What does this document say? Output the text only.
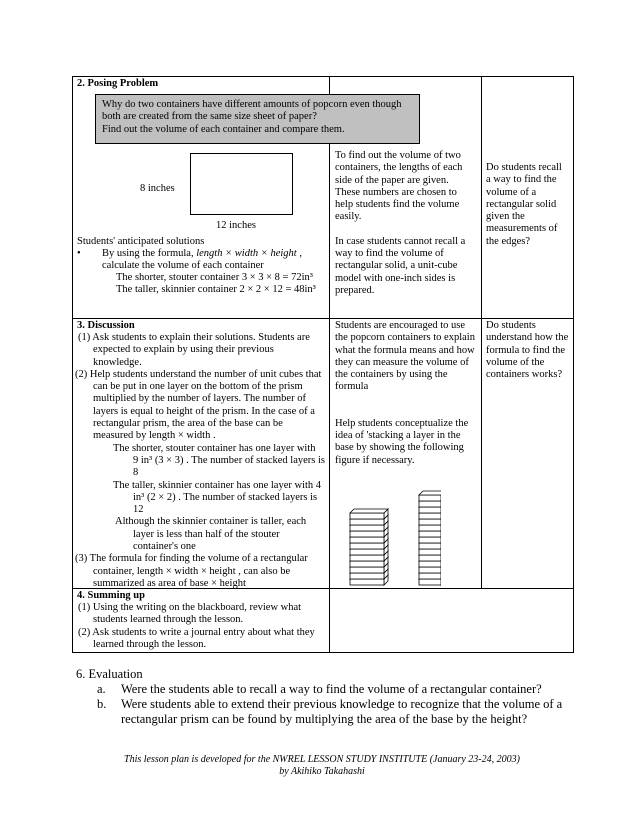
2. Posing Problem
Why do two containers have different amounts of popcorn even though
both are created from the same size sheet of paper?
Find out the volume of each container and compare them.
8 inches
12 inches
Students' anticipated solutions
• By using the formula, length × width × height ,
calculate the volume of each container
The shorter, stouter container 3 × 3 × 8 = 72in³
The taller, skinnier container 2 × 2 × 12 = 48in³
To find out the volume of two
containers, the lengths of each
side of the paper are given.
These numbers are chosen to
help students find the volume
easily.
In case students cannot recall a
way to find the volume of
rectangular solid, a unit-cube
model with one-inch sides is
prepared.
Do students recall
a way to find the
volume of a
rectangular solid
given the
measurements of
the edges?
3. Discussion
(1) Ask students to explain their solutions. Students are
expected to explain by using their previous
knowledge.
(2) Help students understand the number of unit cubes that
can be put in one layer on the bottom of the prism
multiplied by the number of layers. The number of
layers is equal to height of the prism. In the case of a
rectangular prism, the area of the base can be
measured by length × width .
The shorter, stouter container has one layer with
9 in³ (3 × 3) . The number of stacked layers is
8
The taller, skinnier container has one layer with 4
in³ (2 × 2) . The number of stacked layers is
12
Although the skinnier container is taller, each
layer is less than half of the stouter
container's one
(3) The formula for finding the volume of a rectangular
container, length × width × height , can also be
summarized as area of base × height
Students are encouraged to use
the popcorn containers to explain
what the formula means and how
they can measure the volume of
the containers by using the
formula
Help students conceptualize the
idea of 'stacking a layer in the
base by showing the following
figure if necessary.
Do students
understand how the
formula to find the
volume of the
containers works?
4. Summing up
(1) Using the writing on the blackboard, review what
students learned through the lesson.
(2) Ask students to write a journal entry about what they
learned through the lesson.
6. Evaluation
a. Were the students able to recall a way to find the volume of a rectangular container?
b. Were students able to extend their previous knowledge to recognize that the volume of a
rectangular prism can be found by multiplying the area of the base by the height?
This lesson plan is developed for the NWREL LESSON STUDY INSTITUTE (January 23-24, 2003)
by Akihiko Takahashi
